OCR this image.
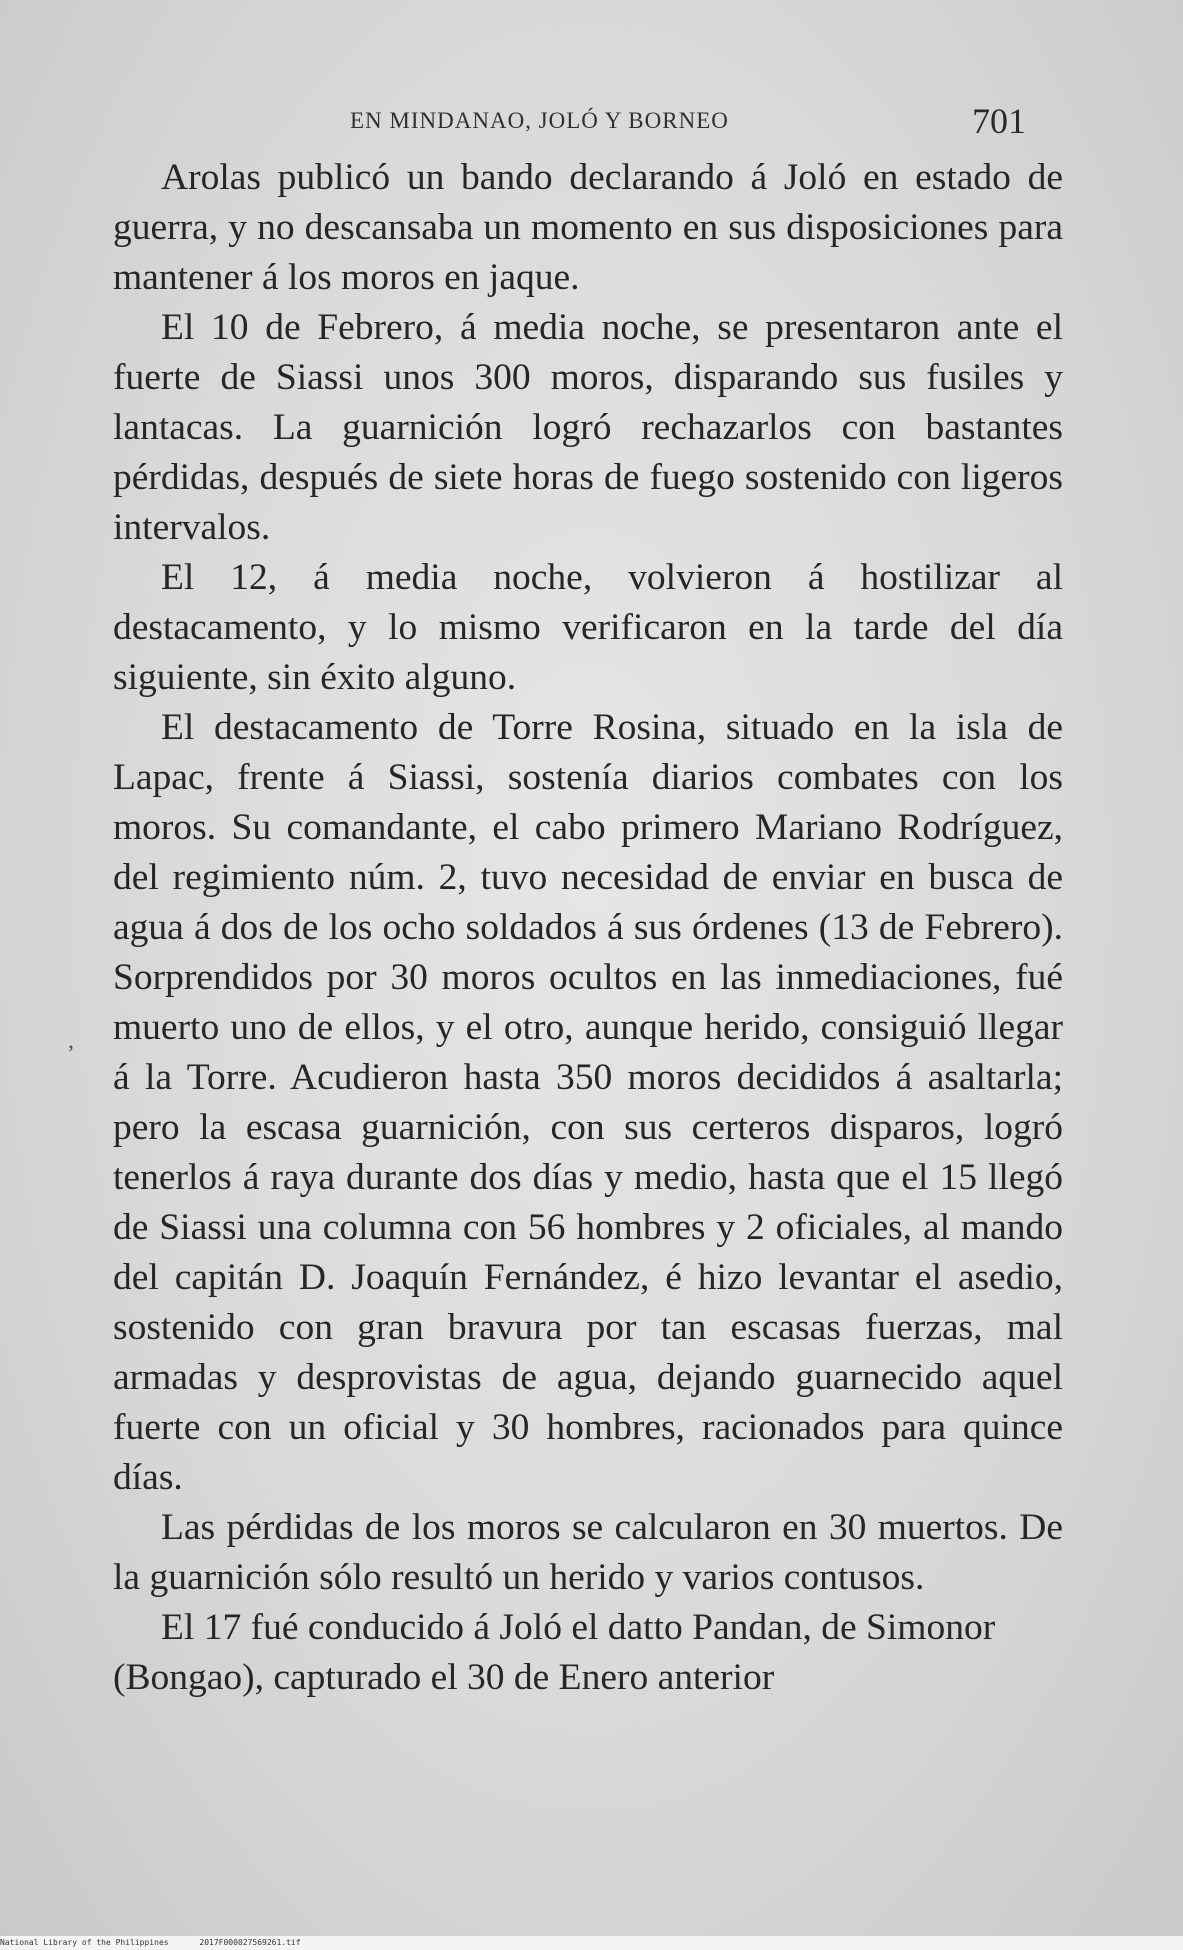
EN MINDANAO, JOLÓ Y BORNEO	701
,

Arolas publicó un bando declarando á Joló en estado de guerra, y no descansaba un momento en sus disposiciones para mantener á los moros en jaque.

El 10 de Febrero, á media noche, se presentaron ante el fuerte de Siassi unos 300 moros, disparando sus fusiles y lantacas. La guarnición logró rechazarlos con bastantes pérdidas, después de siete horas de fuego sostenido con ligeros intervalos.

El 12, á media noche, volvieron á hostilizar al destacamento, y lo mismo verificaron en la tarde del día siguiente, sin éxito alguno.

El destacamento de Torre Rosina, situado en la isla de Lapac, frente á Siassi, sostenía diarios combates con los moros. Su comandante, el cabo primero Mariano Rodríguez, del regimiento núm. 2, tuvo necesidad de enviar en busca de agua á dos de los ocho soldados á sus órdenes (13 de Febrero). Sorprendidos por 30 moros ocultos en las inmediaciones, fué muerto uno de ellos, y el otro, aunque herido, consiguió llegar á la Torre. Acudieron hasta 350 moros decididos á asaltarla; pero la escasa guarnición, con sus certeros disparos, logró tenerlos á raya durante dos días y medio, hasta que el 15 llegó de Siassi una columna con 56 hombres y 2 oficiales, al mando del capitán D. Joaquín Fernández, é hizo levantar el asedio, sostenido con gran bravura por tan escasas fuerzas, mal armadas y desprovistas de agua, dejando guarnecido aquel fuerte con un oficial y 30 hombres, racionados para quince días.

Las pérdidas de los moros se calcularon en 30 muertos. De la guarnición sólo resultó un herido y varios contusos.

El 17 fué conducido á Joló el datto Pandan, de Simonor (Bongao), capturado el 30 de Enero anterior

National Library of the Philippines	2017F000027569261.tif
